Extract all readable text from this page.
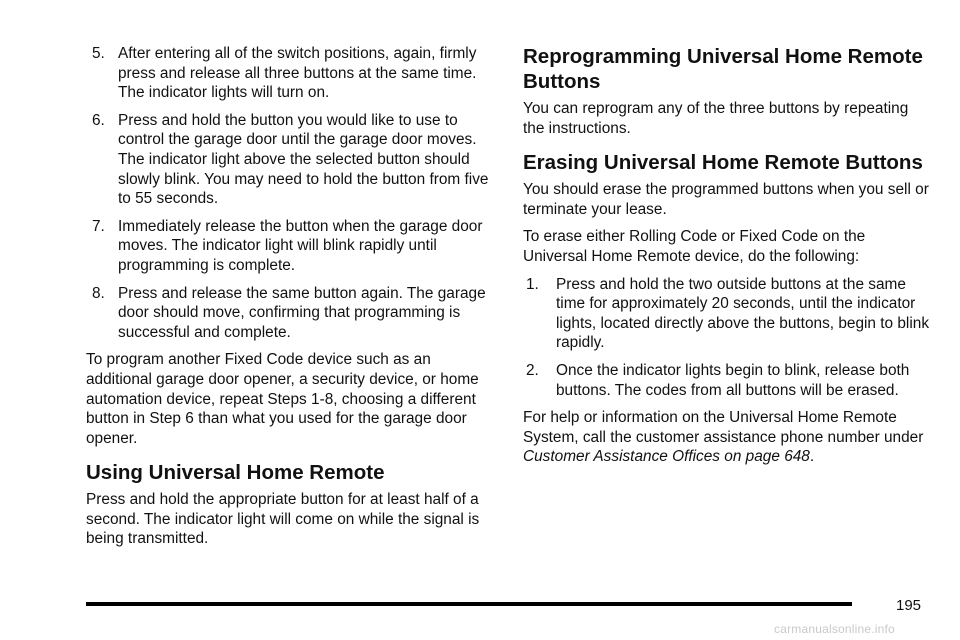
5. After entering all of the switch positions, again, firmly press and release all three buttons at the same time. The indicator lights will turn on.
6. Press and hold the button you would like to use to control the garage door until the garage door moves. The indicator light above the selected button should slowly blink. You may need to hold the button from five to 55 seconds.
7. Immediately release the button when the garage door moves. The indicator light will blink rapidly until programming is complete.
8. Press and release the same button again. The garage door should move, confirming that programming is successful and complete.

To program another Fixed Code device such as an additional garage door opener, a security device, or home automation device, repeat Steps 1-8, choosing a different button in Step 6 than what you used for the garage door opener.

Using Universal Home Remote

Press and hold the appropriate button for at least half of a second. The indicator light will come on while the signal is being transmitted.

Reprogramming Universal Home Remote Buttons

You can reprogram any of the three buttons by repeating the instructions.

Erasing Universal Home Remote Buttons

You should erase the programmed buttons when you sell or terminate your lease.

To erase either Rolling Code or Fixed Code on the Universal Home Remote device, do the following:

1. Press and hold the two outside buttons at the same time for approximately 20 seconds, until the indicator lights, located directly above the buttons, begin to blink rapidly.
2. Once the indicator lights begin to blink, release both buttons. The codes from all buttons will be erased.

For help or information on the Universal Home Remote System, call the customer assistance phone number under Customer Assistance Offices on page 648.

195
carmanualsonline.info
